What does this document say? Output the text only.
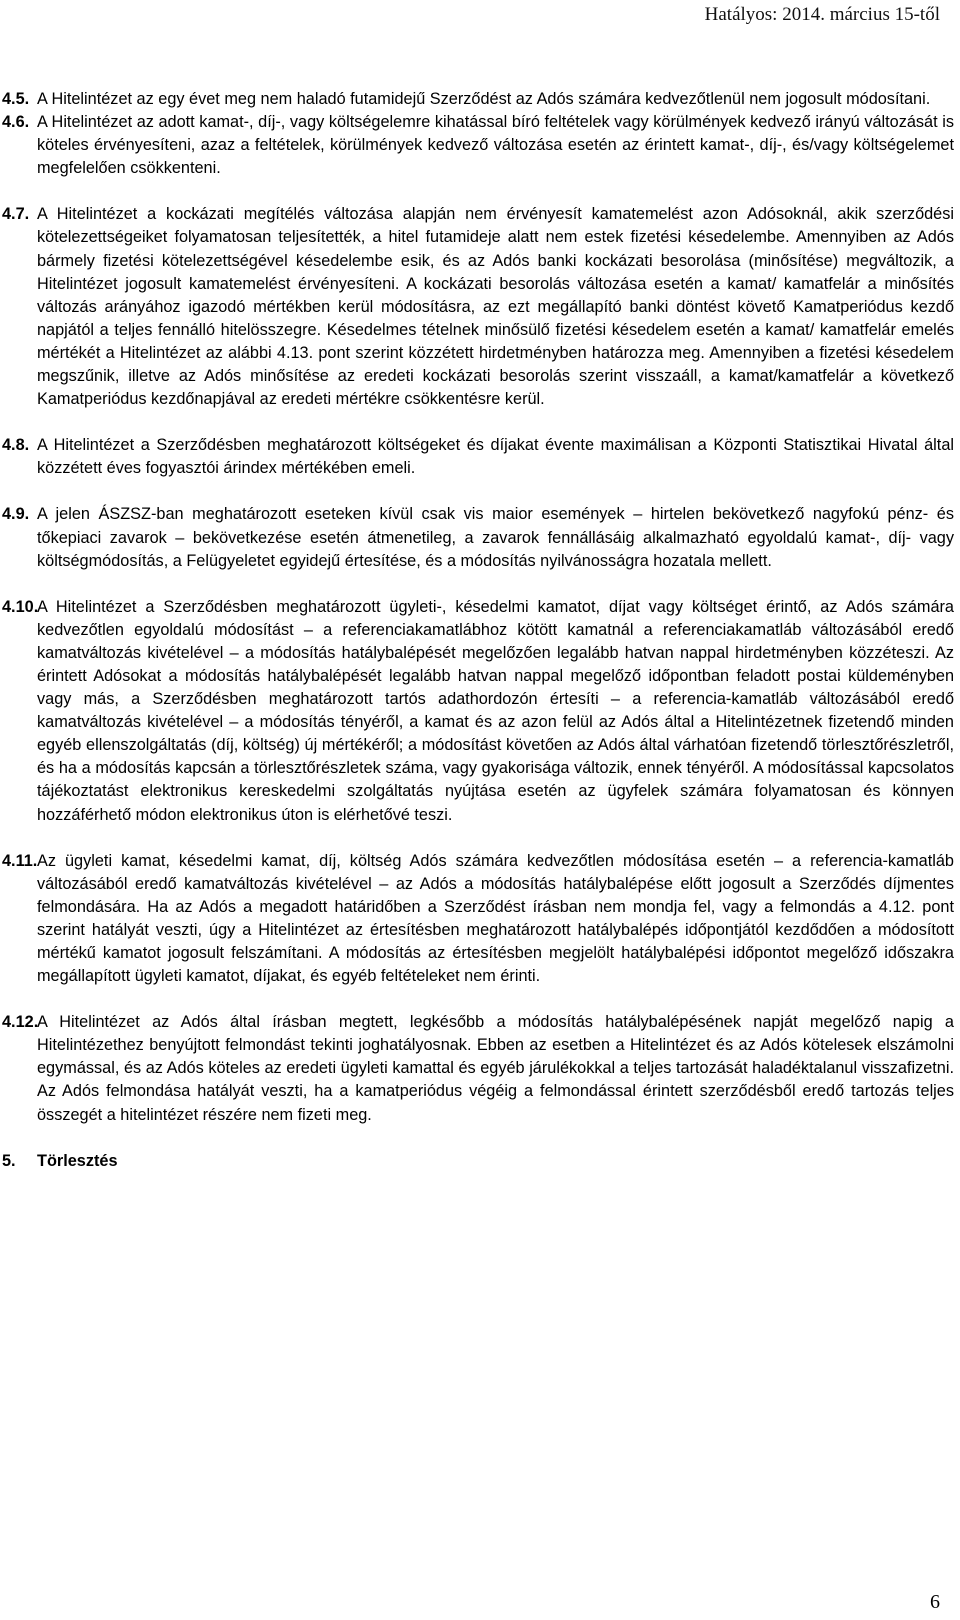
Hatályos: 2014. március 15-től
4.5. A Hitelintézet az egy évet meg nem haladó futamidejű Szerződést az Adós számára kedvezőtlenül nem jogosult módosítani.
4.6. A Hitelintézet az adott kamat-, díj-, vagy költségelemre kihatással bíró feltételek vagy körülmények kedvező irányú változását is köteles érvényesíteni, azaz a feltételek, körülmények kedvező változása esetén az érintett kamat-, díj-, és/vagy költségelemet megfelelően csökkenteni.
4.7. A Hitelintézet a kockázati megítélés változása alapján nem érvényesít kamatemelést azon Adósoknál, akik szerződési kötelezettségeiket folyamatosan teljesítették, a hitel futamideje alatt nem estek fizetési késedelembe. Amennyiben az Adós bármely fizetési kötelezettségével késedelembe esik, és az Adós banki kockázati besorolása (minősítése) megváltozik, a Hitelintézet jogosult kamatemelést érvényesíteni. A kockázati besorolás változása esetén a kamat/ kamatfelár a minősítés változás arányához igazodó mértékben kerül módosításra, az ezt megállapító banki döntést követő Kamatperiódus kezdő napjától a teljes fennálló hitelösszegre. Késedelmes tételnek minősülő fizetési késedelem esetén a kamat/ kamatfelár emelés mértékét a Hitelintézet az alábbi 4.13. pont szerint közzétett hirdetményben határozza meg. Amennyiben a fizetési késedelem megszűnik, illetve az Adós minősítése az eredeti kockázati besorolás szerint visszaáll, a kamat/kamatfelár a következő Kamatperiódus kezdőnapjával az eredeti mértékre csökkentésre kerül.
4.8. A Hitelintézet a Szerződésben meghatározott költségeket és díjakat évente maximálisan a Központi Statisztikai Hivatal által közzétett éves fogyasztói árindex mértékében emeli.
4.9. A jelen ÁSZSZ-ban meghatározott eseteken kívül csak vis maior események – hirtelen bekövetkező nagyfokú pénz- és tőkepiaci zavarok – bekövetkezése esetén átmenetileg, a zavarok fennállásáig alkalmazható egyoldalú kamat-, díj- vagy költségmódosítás, a Felügyeletet egyidejű értesítése, és a módosítás nyilvánosságra hozatala mellett.
4.10.
A Hitelintézet a Szerződésben meghatározott ügyleti-, késedelmi kamatot, díjat vagy költséget érintő, az Adós számára kedvezőtlen egyoldalú módosítást – a referenciakamatlábhoz kötött kamatnál a referenciakamatláb változásából eredő kamatváltozás kivételével – a módosítás hatálybalépését megelőzően legalább hatvan nappal hirdetményben közzéteszi. Az érintett Adósokat a módosítás hatálybalépését legalább hatvan nappal megelőző időpontban feladott postai küldeményben vagy más, a Szerződésben meghatározott tartós adathordozón értesíti – a referencia-kamatláb változásából eredő kamatváltozás kivételével – a módosítás tényéről, a kamat és az azon felül az Adós által a Hitelintézetnek fizetendő minden egyéb ellenszolgáltatás (díj, költség) új mértékéről; a módosítást követően az Adós által várhatóan fizetendő törlesztőrészletről, és ha a módosítás kapcsán a törlesztőrészletek száma, vagy gyakorisága változik, ennek tényéről. A módosítással kapcsolatos tájékoztatást elektronikus kereskedelmi szolgáltatás nyújtása esetén az ügyfelek számára folyamatosan és könnyen hozzáférhető módon elektronikus úton is elérhetővé teszi.
4.11. Az ügyleti kamat, késedelmi kamat, díj, költség Adós számára kedvezőtlen módosítása esetén – a referencia-kamatláb változásából eredő kamatváltozás kivételével – az Adós a módosítás hatálybalépése előtt jogosult a Szerződés díjmentes felmondására. Ha az Adós a megadott határidőben a Szerződést írásban nem mondja fel, vagy a felmondás a 4.12. pont szerint hatályát veszti, úgy a Hitelintézet az értesítésben meghatározott hatálybalépés időpontjától kezdődően a módosított mértékű kamatot jogosult felszámítani. A módosítás az értesítésben megjelölt hatálybalépési időpontot megelőző időszakra megállapított ügyleti kamatot, díjakat, és egyéb feltételeket nem érinti.
4.12.
A Hitelintézet az Adós által írásban megtett, legkésőbb a módosítás hatálybalépésének napját megelőző napig a Hitelintézethez benyújtott felmondást tekinti joghatályosnak. Ebben az esetben a Hitelintézet és az Adós kötelesek elszámolni egymással, és az Adós köteles az eredeti ügyleti kamattal és egyéb járulékokkal a teljes tartozását haladéktalanul visszafizetni. Az Adós felmondása hatályát veszti, ha a kamatperiódus végéig a felmondással érintett szerződésből eredő tartozás teljes összegét a hitelintézet részére nem fizeti meg.
5. Törlesztés
6
